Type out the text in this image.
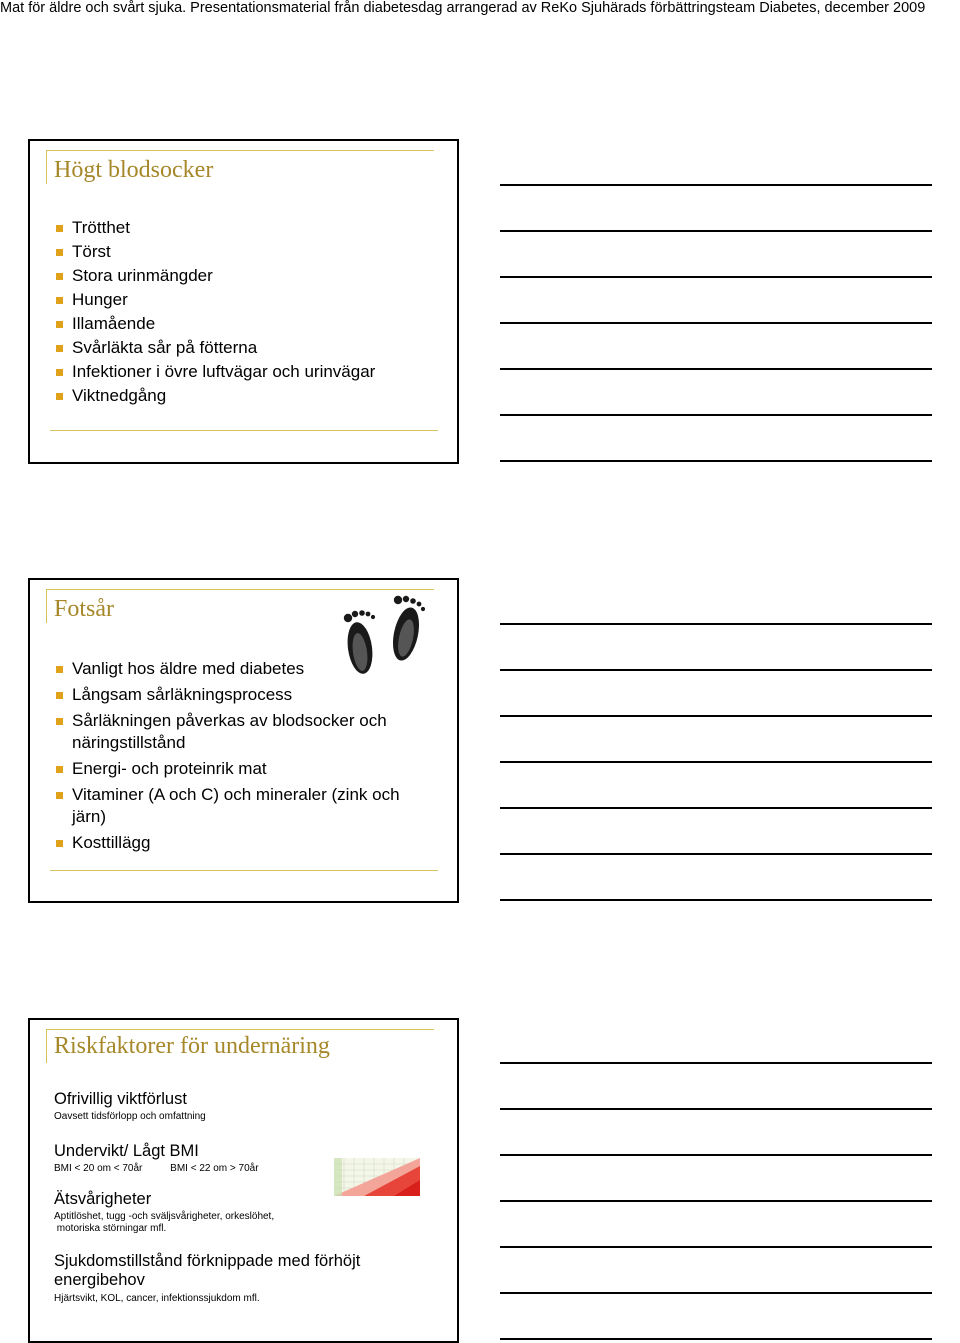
Mat för äldre och svårt sjuka. Presentationsmaterial från diabetesdag arrangerad av ReKo Sjuhärads förbättringsteam Diabetes, december 2009
Högt blodsocker
Trötthet
Törst
Stora urinmängder
Hunger
Illamående
Svårläkta sår på fötterna
Infektioner i övre luftvägar och urinvägar
Viktnedgång
Fotsår
Vanligt hos äldre med diabetes
Långsam sårläkningsprocess
Sårläkningen påverkas av blodsocker och näringstillstånd
Energi- och proteinrik mat
Vitaminer (A och C) och mineraler (zink och järn)
Kosttillägg
Riskfaktorer för undernäring
Ofrivillig viktförlust
Oavsett tidsförlopp och omfattning
Undervikt/ Lågt BMI
BMI < 20 om < 70år          BMI < 22 om > 70år
Ätsvårigheter
Aptitlöshet, tugg -och sväljsvårigheter, orkeslöhet,
motoriska störningar mfl.
Sjukdomstillstånd förknippade med förhöjt energibehov
Hjärtsvikt, KOL, cancer, infektionssjukdom mfl.
